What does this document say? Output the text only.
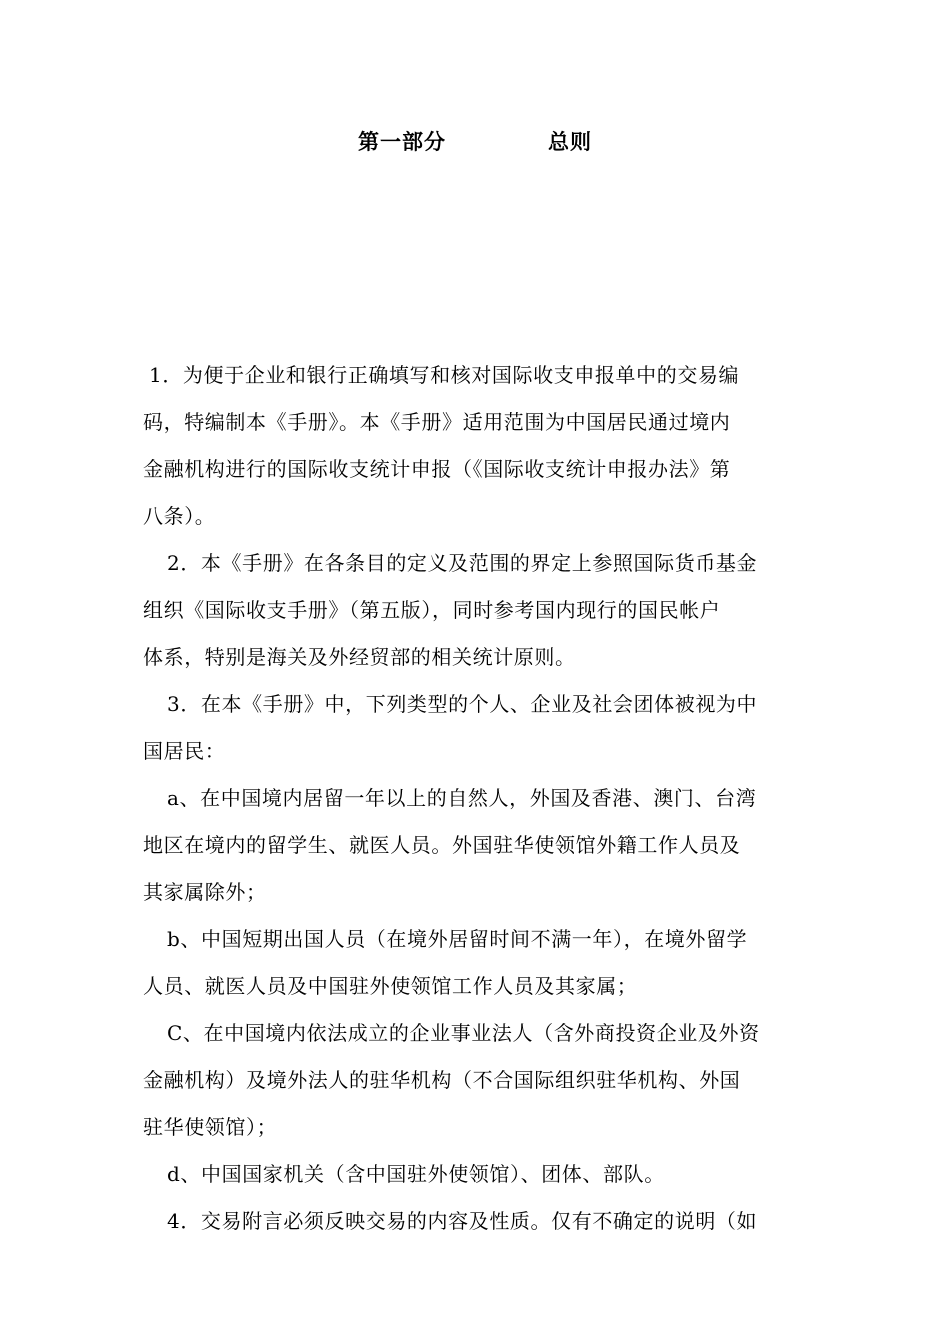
第一部分	总则
1．为便于企业和银行正确填写和核对国际收支申报单中的交易编
码，特编制本《手册》。本《手册》适用范围为中国居民通过境内
金融机构进行的国际收支统计申报（《国际收支统计申报办法》第
八条）。
2．本《手册》在各条目的定义及范围的界定上参照国际货币基金
组织《国际收支手册》（第五版），同时参考国内现行的国民帐户
体系，特别是海关及外经贸部的相关统计原则。
3．在本《手册》中，下列类型的个人、企业及社会团体被视为中
国居民：
a、在中国境内居留一年以上的自然人，外国及香港、澳门、台湾
地区在境内的留学生、就医人员。外国驻华使领馆外籍工作人员及
其家属除外；
b、中国短期出国人员（在境外居留时间不满一年），在境外留学
人员、就医人员及中国驻外使领馆工作人员及其家属；
C、在中国境内依法成立的企业事业法人（含外商投资企业及外资
金融机构）及境外法人的驻华机构（不合国际组织驻华机构、外国
驻华使领馆）；
d、中国国家机关（含中国驻外使领馆）、团体、部队。
4．交易附言必须反映交易的内容及性质。仅有不确定的说明（如
